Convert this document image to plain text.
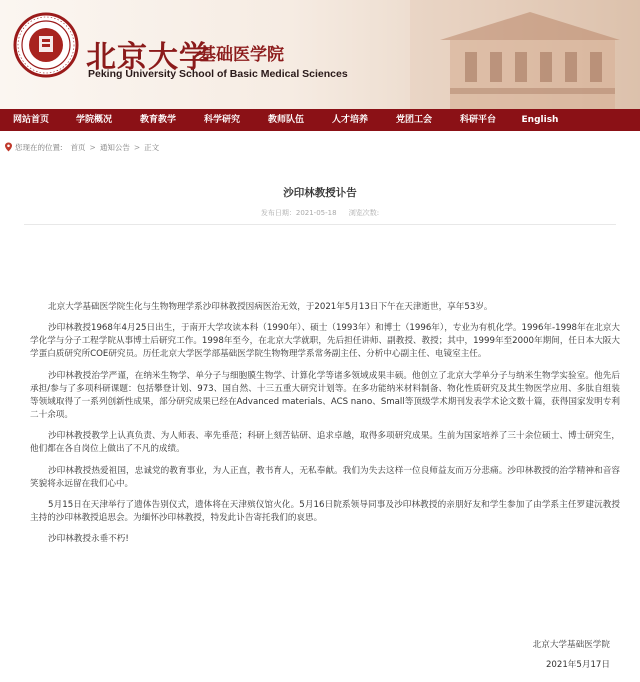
北京大学
基础医学院
Peking University School of Basic Medical Sciences
网站首页	学院概况	教育教学	科学研究	教师队伍	人才培养	党团工会	科研平台	English
您现在的位置: 首页 > 通知公告 > 正文
沙印林教授讣告
发布日期：2021-05-18 浏览次数:

北京大学基础医学院生化与生物物理学系沙印林教授因病医治无效，于2021年5月13日下午在天津逝世，享年53岁。

沙印林教授1968年4月25日出生，于南开大学攻读本科（1990年）、硕士（1993年）和博士（1996年），专业为有机化学。1996年-1998年在北京大学化学与分子工程学院从事博士后研究工作。1998年至今，在北京大学就职，先后担任讲师、副教授、教授；其中，1999年至2000年期间，任日本大阪大学蛋白质研究所COE研究员。历任北京大学医学部基础医学院生物物理学系常务副主任、分析中心副主任、电镜室主任。

沙印林教授治学严谨，在纳米生物学、单分子与细胞膜生物学、计算化学等诸多领域成果丰硕。他创立了北京大学单分子与纳米生物学实验室。他先后承担/参与了多项科研课题：包括攀登计划、973、国自然、十三五重大研究计划等。在多功能纳米材料制备、物化性质研究及其生物医学应用、多肽自组装等领域取得了一系列创新性成果，部分研究成果已经在Advanced materials、ACS nano、Small等顶级学术期刊发表学术论文数十篇，获得国家发明专利二十余项。

沙印林教授教学上认真负责、为人师表、率先垂范；科研上刻苦钻研、追求卓越，取得多项研究成果。生前为国家培养了三十余位硕士、博士研究生，他们都在各自岗位上做出了不凡的成绩。

沙印林教授热爱祖国，忠诚党的教育事业，为人正直，教书育人，无私奉献。我们为失去这样一位良师益友而万分悲痛。沙印林教授的治学精神和音容笑貌将永远留在我们心中。

5月15日在天津举行了遗体告别仪式，遗体将在天津殡仪馆火化。5月16日院系领导同事及沙印林教授的亲朋好友和学生参加了由学系主任罗建沅教授主持的沙印林教授追思会。为缅怀沙印林教授，特发此讣告寄托我们的哀思。

沙印林教授永垂不朽!

北京大学基础医学院
2021年5月17日
